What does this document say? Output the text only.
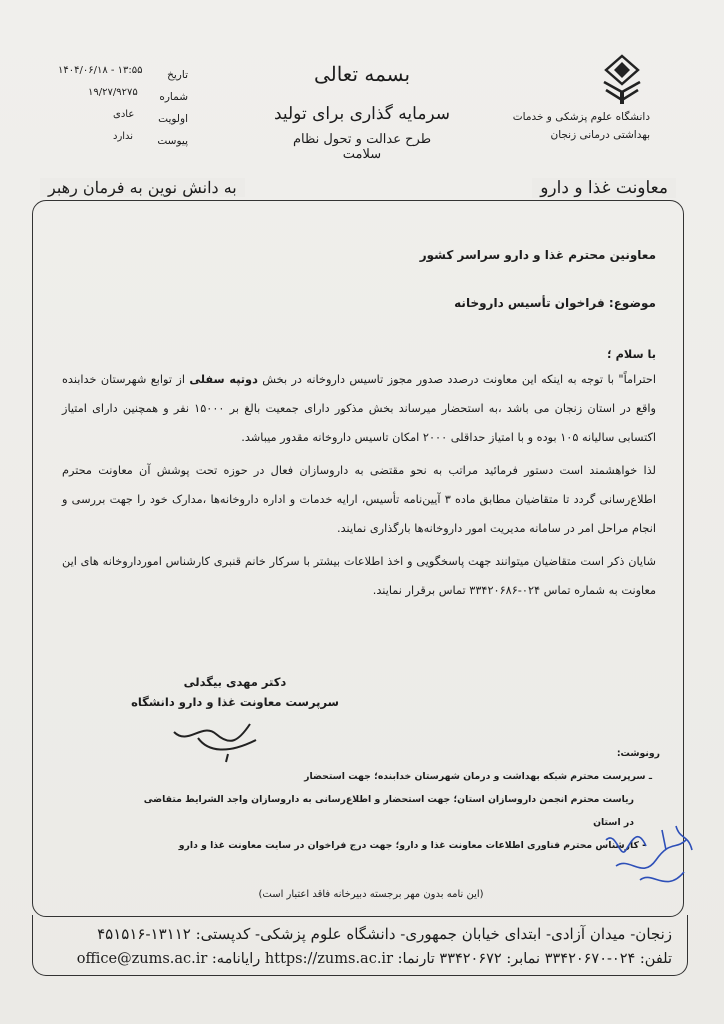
تاریخ
۱۴۰۴/۰۶/۱۸ - ۱۳:۵۵
شماره
۱۹/۲۷/۹۲۷۵
اولویت
عادی
پیوست
ندارد
بسمه تعالی
سرمایه گذاری برای تولید
طرح عدالت و تحول نظام سلامت
دانشگاه علوم پزشکی و خدمات
بهداشتی درمانی زنجان
معاونت غذا و دارو
به دانش نوین به فرمان رهبر
معاونین محترم غذا و دارو سراسر کشور
موضوع: فراخوان تأسیس داروخانه
با سلام ؛
احتراماً" با توجه به اینکه این معاونت درصدد صدور مجوز تاسیس داروخانه در بخش دوتپه سفلی از توابع شهرستان خدابنده واقع در استان زنجان می باشد ،به استحضار میرساند بخش مذکور دارای جمعیت بالغ بر ۱۵۰۰۰ نفر و همچنین دارای امتیاز اکتسابی سالیانه ۱۰۵ بوده و با امتیاز حداقلی ۲۰۰۰ امکان تاسیس داروخانه مقدور میباشد.
لذا خواهشمند است دستور فرمائید مراتب به نحو مقتضی به داروسازان فعال در حوزه تحت پوشش آن معاونت محترم اطلاع‌رسانی گردد تا متقاضیان مطابق ماده ۳ آیین‌نامه تأسیس، ارایه خدمات و اداره داروخانه‌ها ،مدارک خود را جهت بررسی و انجام مراحل امر در سامانه مدیریت امور داروخانه‌ها بارگذاری نمایند.
شایان ذکر است متقاضیان میتوانند جهت پاسخگویی و اخذ اطلاعات بیشتر با سرکار خانم قنبری کارشناس اموردارو‌خانه های این معاونت به شماره تماس ۰۲۴-۳۳۴۲۰۶۸۶ تماس برقرار نمایند.
دکتر مهدی بیگدلی
سرپرست معاونت غذا و دارو دانشگاه
رونوشت:
ـ سرپرست محترم شبکه بهداشت و درمان شهرستان خدابنده؛ جهت استحضار
ریاست محترم انجمن داروسازان استان؛ جهت استحضار و اطلاع‌رسانی به داروسازان واجد الشرایط متقاضی در استان
- کارشناس محترم فناوری اطلاعات معاونت غذا و دارو؛ جهت درج فراخوان در سایت معاونت غذا و دارو
(این نامه بدون مهر برجسته دبیرخانه فاقد اعتبار است)
زنجان- میدان آزادی- ابتدای خیابان جمهوری- دانشگاه علوم پزشکی- کدپستی: ۱۳۱۱۲-۴۵۱۵۱۶
تلفن: ۰۲۴-۳۳۴۲۰۶۷۰ نمابر: ۳۳۴۲۰۶۷۲ تارنما: https://zums.ac.ir رایانامه: office@zums.ac.ir
